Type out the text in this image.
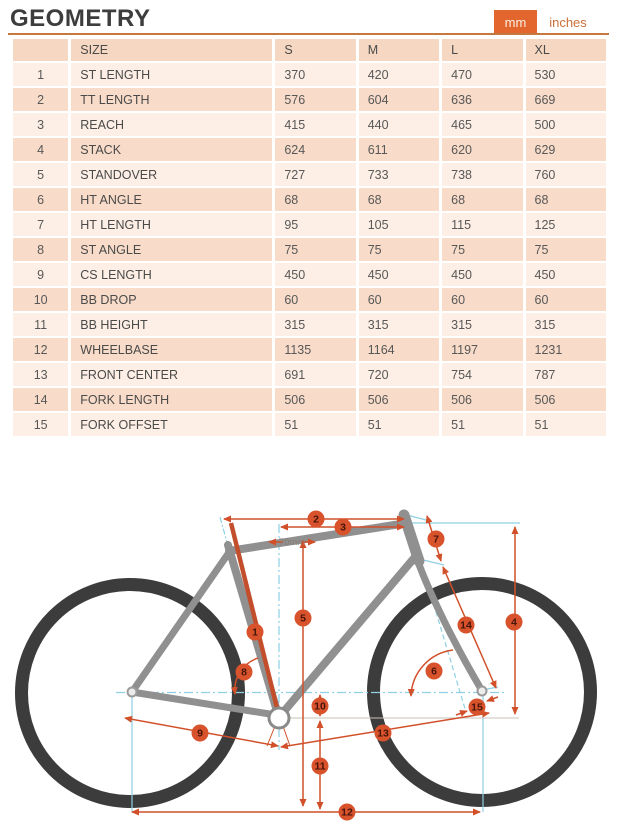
GEOMETRY	mm	inches
	SIZE	S	M	L	XL
1	ST LENGTH	370	420	470	530
2	TT LENGTH	576	604	636	669
3	REACH	415	440	465	500
4	STACK	624	611	620	629
5	STANDOVER	727	733	738	760
6	HT ANGLE	68	68	68	68
7	HT LENGTH	95	105	115	125
8	ST ANGLE	75	75	75	75
9	CS LENGTH	450	450	450	450
10	BB DROP	60	60	60	60
11	BB HEIGHT	315	315	315	315
12	WHEELBASE	1135	1164	1197	1231
13	FRONT CENTER	691	720	754	787
14	FORK LENGTH	506	506	506	506
15	FORK OFFSET	51	51	51	51
70mm
1
2
3
4
5
6
7
8
9
10
11
12
13
14
15
